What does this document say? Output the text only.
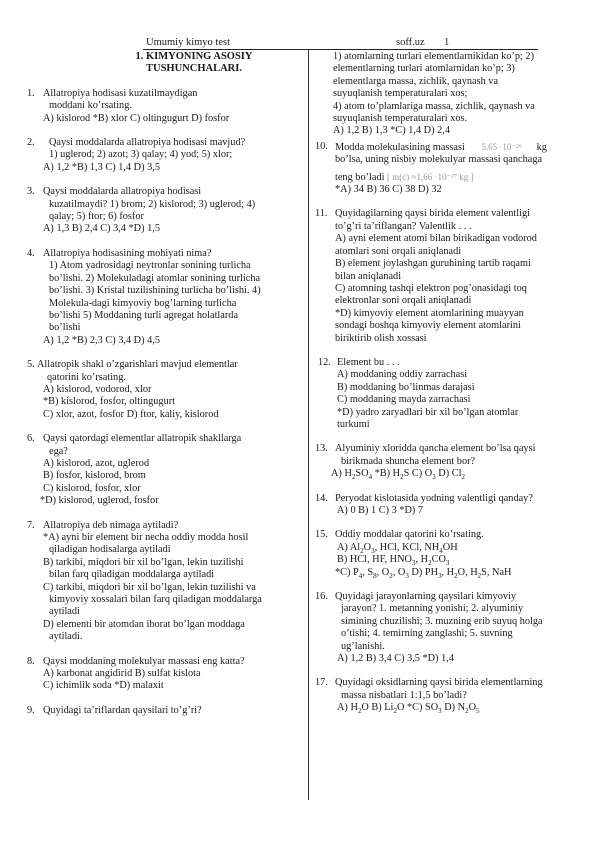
Umumiy kimyo test	soff.uz 1
1. KIMYONING ASOSIY
TUSHUNCHALARI.
1. Allatropiya hodisasi kuzatilmaydigan
moddani ko’rsating.
A) kislorod *B) xlor C) oltingugurt D) fosfor
2.	Qaysi moddalarda allatropiya hodisasi mavjud?
1) uglerod; 2) azot; 3) qalay; 4) yod; 5) xlor;
A) 1,2 *B) 1,3 C) 1,4 D) 3,5
3. Qaysi moddalarda allatropiya hodisasi
kuzatilmaydi? 1) brom; 2) kislorod; 3) uglerod; 4)
qalay; 5) ftor; 6) fosfor
A) 1,3 B) 2,4 C) 3,4 *D) 1,5
4. Allatropiya hodisasining mohiyati nima?
1) Atom yadrosidagi neytronlar sonining turlicha
bo’lishi. 2) Molekuladagi atomlar sonining turlicha
bo’lishi. 3) Kristal tuzilishining turlicha bo’lishi. 4)
Molekula-dagi kimyoviy bog’larning turlicha
bo’lishi 5) Moddaning turli agregat holatlarda
bo’lishi
A) 1,2 *B) 2,3 C) 3,4 D) 4,5
5. Allatropik shakl o’zgarishlari mavjud elementlar
qatorini ko’rsating.
A) kislorod, vodorod, xlor
*B) kislorod, fosfor, oltingugurt
C) xlor, azot, fosfor D) ftor, kaliy, kislorod
6. Qaysi qatordagi elementlar allatropik shakllarga
ega?
A) kislorod, azot, uglerod
B) fosfor, kislorod, brom
C) kislorod, fosfor, xlor
*D) kislorod, uglerod, fosfor
7. Allatropiya deb nimaga aytiladi?
*A) ayni bir element bir necha oddiy modda hosil
qiladigan hodisalarga aytiladi
B) tarkibi, miqdori bir xil bo’lgan, lekin tuzilishi
bilan farq qiladigan moddalarga aytiladi
C) tarkibi, miqdori bir xil bo’lgan, lekin tuzilishi va
kimyoviy xossalari bilan farq qiladigan moddalarga
aytiladi
D) elementi bir atomdan iborat bo’lgan moddaga
aytiladi.
8. Qaysi moddaning molekulyar massasi eng katta?
A) karbonat angidirid B) sulfat kislota
C) ichimlik soda *D) malaxit
9. Quyidagi ta’riflardan qaysilari to’g’ri?
1) atomlarning turlari elementlarnikidan ko’p; 2)
elementlarning turlari atomlarnidan ko’p; 3)
elementlarga massa, zichlik, qaynash va
suyuqlanish temperaturalari xos;
4) atom to’plamlariga massa, zichlik, qaynash va
suyuqlanish temperaturalari xos.
A) 1,2 B) 1,3 *C) 1,4 D) 2,4
10. Modda molekulasining massasi 5.65 ·10⁻²⁶ kg
bo’lsa, uning nisbiy molekulyar massasi qanchaga
teng bo’ladi [ m(c) ≈1,66 ·10⁻²⁷ kg ]
*A) 34 B) 36 C) 38 D) 32
11. Quyidagilarning qaysi birida element valentligi
to’g’ri ta’riflangan? Valentlik . . .
A) ayni element atomi bilan birikadigan vodorod
atomlari soni orqali aniqlanadi
B) element joylashgan guruhining tartib raqami
bilan aniqlanadi
C) atomning tashqi elektron pog’onasidagi toq
elektronlar soni orqali aniqlanadi
*D) kimyoviy element atomlarining muayyan
sondagi boshqa kimyoviy element atomlarini
biriktirib olish xossasi
12. Element bu . . .
A) moddaning oddiy zarrachasi
B) moddaning bo’linmas darajasi
C) moddaning mayda zarrachasi
*D) yadro zaryadlari bir xil bo’lgan atomlar
turkumi
13. Alyuminiy xloridda qancha element bo’lsa qaysi
birikmada shuncha element bor?
A) $H_2SO_4$ *B) $H_2S$ C) $O_3$ D) $Cl_2$
14. Peryodat kislotasida yodning valentligi qanday?
A) 0 B) 1 C) 3 *D) 7
15. Oddiy moddalar qatorini ko’rsating.
A) $Al_2O_3$, HCl, KCl, $NH_4OH$
B) HCl, HF, $HNO_3$, $H_2CO_3$
*C) $P_4$, $S_8$, $O_2$, $O_3$ D) $PH_3$, $H_2O$, $H_2S$, NaH
16. Quyidagi jarayonlarning qaysilari kimyoviy
jarayon? 1. metanning yonishi; 2. alyuminiy
simining chuzilishi; 3. muzning erib suyuq holga
o’tishi; 4. temirning zanglashi; 5. suvning
ug’lanishi.
A) 1,2 B) 3,4 C) 3,5 *D) 1,4
17. Quyidagi oksidlarning qaysi birida elementlarning
massa nisbatlari 1:1,5 bo’ladi?
A) $H_2O$ B) $Li_2O$ *C) $SO_3$ D) $N_2O_5$
